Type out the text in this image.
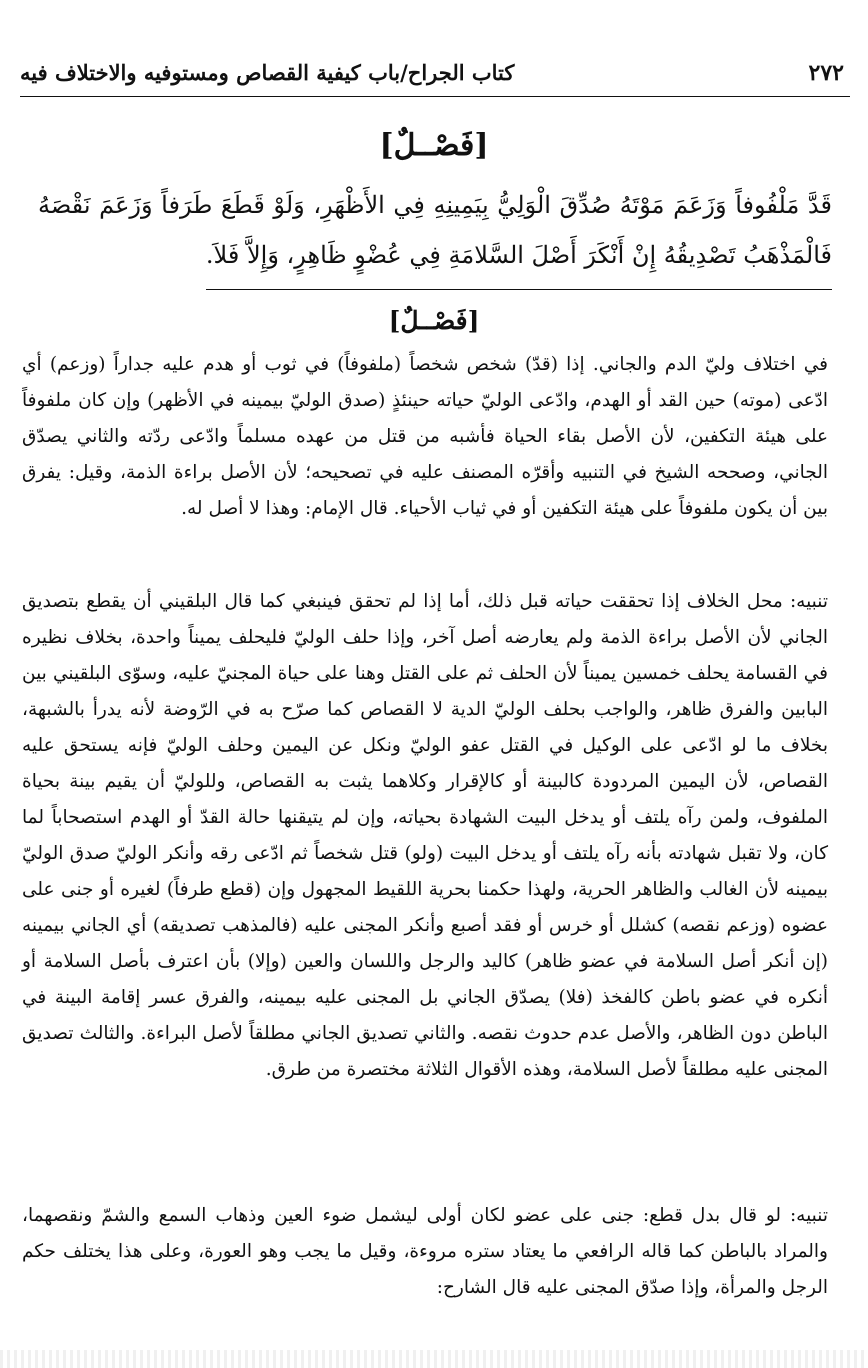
٢٧٢
كتاب الجراح/باب كيفية القصاص ومستوفيه والاختلاف فيه
[فَصْــلٌ]

قَدَّ مَلْفُوفاً وَزَعَمَ مَوْتَهُ صُدِّقَ الْوَلِيُّ بِيَمِينِهِ فِي الأَظْهَرِ، وَلَوْ قَطَعَ طَرَفاً وَزَعَمَ نَقْصَهُ

فَالْمَذْهَبُ تَصْدِيقُهُ إِنْ أَنْكَرَ أَصْلَ السَّلامَةِ فِي عُضْوٍ ظَاهِرٍ، وَإِلاَّ فَلاَ.

[فَصْــلٌ]

في اختلاف وليّ الدم والجاني. إذا (قدّ) شخص شخصاً (ملفوفاً) في ثوب أو هدم عليه جداراً (وزعم) أي ادّعى (موته) حين القد أو الهدم، وادّعى الوليّ حياته حينئذٍ (صدق الوليّ بيمينه في الأظهر) وإن كان ملفوفاً على هيئة التكفين، لأن الأصل بقاء الحياة فأشبه من قتل من عهده مسلماً وادّعى ردّته والثاني يصدّق الجاني، وصححه الشيخ في التنبيه وأقرّه المصنف عليه في تصحيحه؛ لأن الأصل براءة الذمة، وقيل: يفرق بين أن يكون ملفوفاً على هيئة التكفين أو في ثياب الأحياء. قال الإمام: وهذا لا أصل له.

تنبيه: محل الخلاف إذا تحققت حياته قبل ذلك، أما إذا لم تحقق فينبغي كما قال البلقيني أن يقطع بتصديق الجاني لأن الأصل براءة الذمة ولم يعارضه أصل آخر، وإذا حلف الوليّ فليحلف يميناً واحدة، بخلاف نظيره في القسامة يحلف خمسين يميناً لأن الحلف ثم على القتل وهنا على حياة المجنيّ عليه، وسوّى البلقيني بين البابين والفرق ظاهر، والواجب بحلف الوليّ الدية لا القصاص كما صرّح به في الرّوضة لأنه يدرأ بالشبهة، بخلاف ما لو ادّعى على الوكيل في القتل عفو الوليّ ونكل عن اليمين وحلف الوليّ فإنه يستحق عليه القصاص، لأن اليمين المردودة كالبينة أو كالإقرار وكلاهما يثبت به القصاص، وللوليّ أن يقيم بينة بحياة الملفوف، ولمن رآه يلتف أو يدخل البيت الشهادة بحياته، وإن لم يتيقنها حالة القدّ أو الهدم استصحاباً لما كان، ولا تقبل شهادته بأنه رآه يلتف أو يدخل البيت (ولو) قتل شخصاً ثم ادّعى رقه وأنكر الوليّ صدق الوليّ بيمينه لأن الغالب والظاهر الحرية، ولهذا حكمنا بحرية اللقيط المجهول وإن (قطع طرفاً) لغيره أو جنى على عضوه (وزعم نقصه) كشلل أو خرس أو فقد أصبع وأنكر المجنى عليه (فالمذهب تصديقه) أي الجاني بيمينه (إن أنكر أصل السلامة في عضو ظاهر) كاليد والرجل واللسان والعين (وإلا) بأن اعترف بأصل السلامة أو أنكره في عضو باطن كالفخذ (فلا) يصدّق الجاني بل المجنى عليه بيمينه، والفرق عسر إقامة البينة في الباطن دون الظاهر، والأصل عدم حدوث نقصه. والثاني تصديق الجاني مطلقاً لأصل البراءة. والثالث تصديق المجنى عليه مطلقاً لأصل السلامة، وهذه الأقوال الثلاثة مختصرة من طرق.

تنبيه: لو قال بدل قطع: جنى على عضو لكان أولى ليشمل ضوء العين وذهاب السمع والشمّ ونقصهما، والمراد بالباطن كما قاله الرافعي ما يعتاد ستره مروءة، وقيل ما يجب وهو العورة، وعلى هذا يختلف حكم الرجل والمرأة، وإذا صدّق المجنى عليه قال الشارح:
